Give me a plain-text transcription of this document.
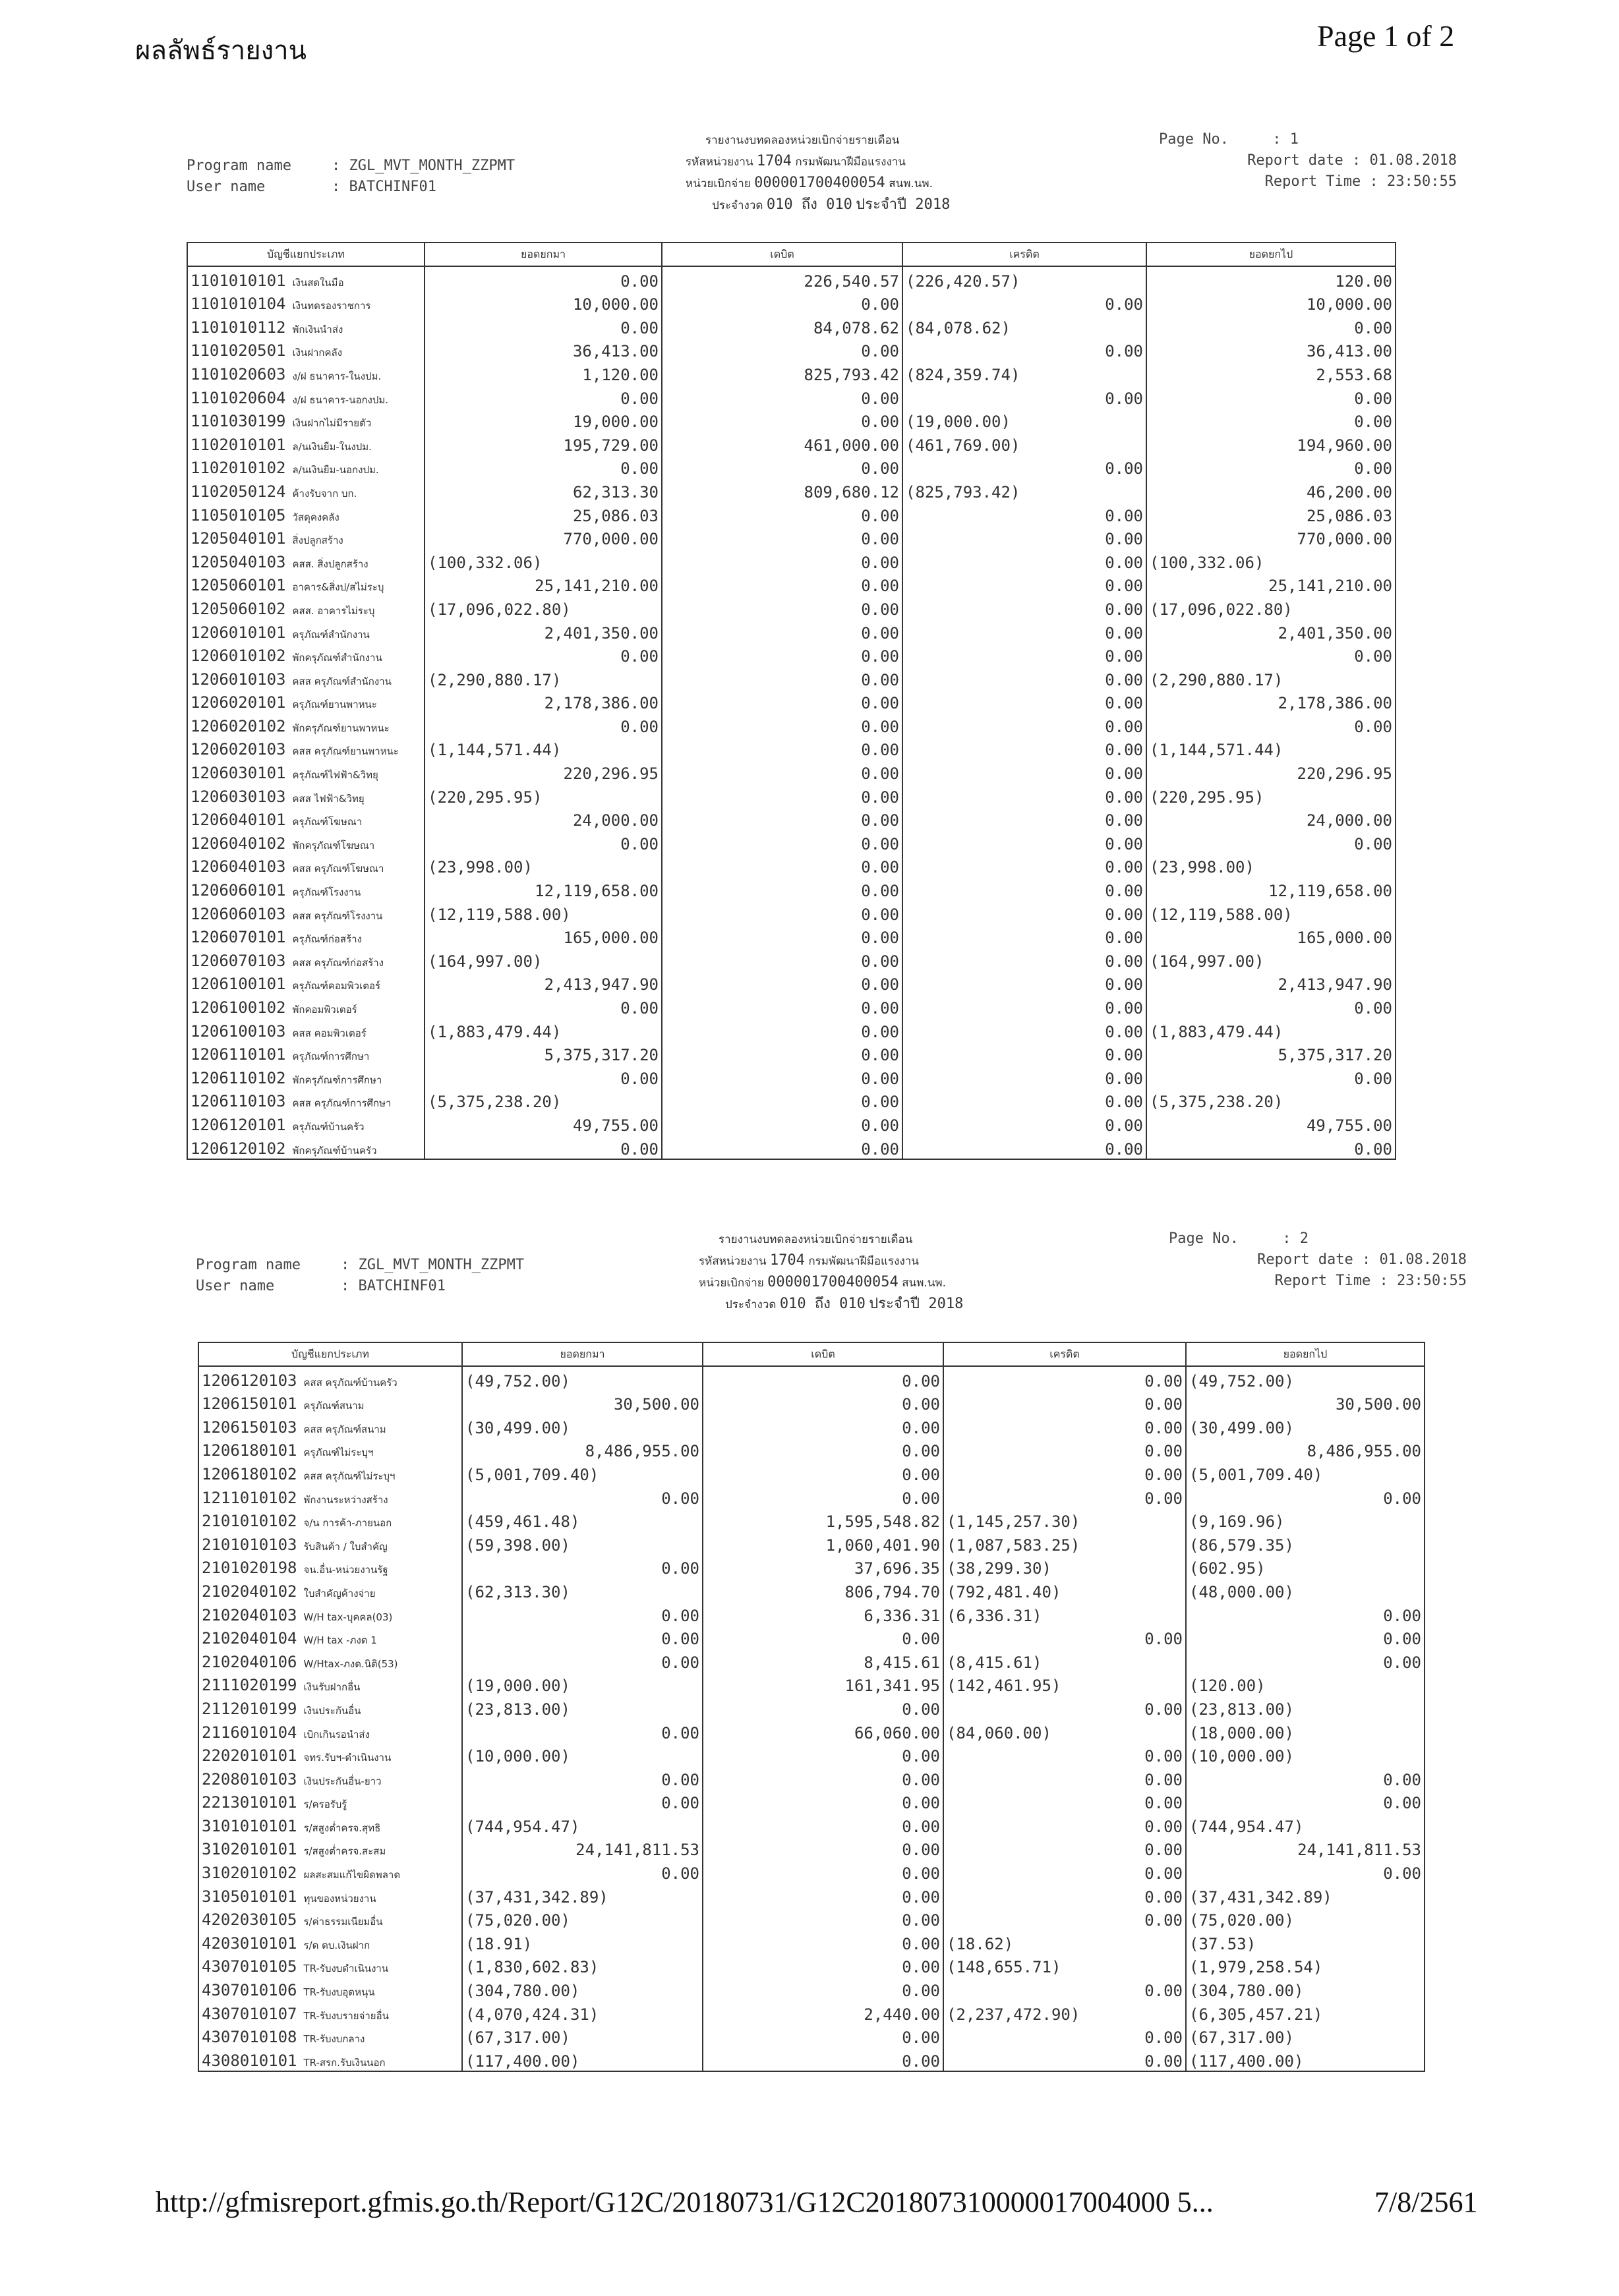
ผลลัพธ์รายงาน	Page 1 of 2
Program name	: ZGL_MVT_MONTH_ZZPMT
User name	: BATCHINF01
รายงานงบทดลองหน่วยเบิกจ่ายรายเดือน
รหัสหน่วยงาน 1704 กรมพัฒนาฝีมือแรงงาน
หน่วยเบิกจ่าย 000001700400054 สนพ.นพ.
ประจำงวด 010 ถึง 010 ประจำปี 2018
Page No.	: 1
Report date : 01.08.2018
Report Time : 23:50:55
บัญชีแยกประเภท	ยอดยกมา	เดบิต	เครดิต	ยอดยกไป
1101010101 เงินสดในมือ	0.00	226,540.57	(226,420.57)	120.00
1101010104 เงินทดรองราชการ	10,000.00	0.00	0.00	10,000.00
1101010112 พักเงินนำส่ง	0.00	84,078.62	(84,078.62)	0.00
1101020501 เงินฝากคลัง	36,413.00	0.00	0.00	36,413.00
1101020603 ง/ฝ ธนาคาร-ในงปม.	1,120.00	825,793.42	(824,359.74)	2,553.68
1101020604 ง/ฝ ธนาคาร-นอกงปม.	0.00	0.00	0.00	0.00
1101030199 เงินฝากไม่มีรายตัว	19,000.00	0.00	(19,000.00)	0.00
1102010101 ล/นเงินยืม-ในงปม.	195,729.00	461,000.00	(461,769.00)	194,960.00
1102010102 ล/นเงินยืม-นอกงปม.	0.00	0.00	0.00	0.00
1102050124 ค้างรับจาก บก.	62,313.30	809,680.12	(825,793.42)	46,200.00
1105010105 วัสดุคงคลัง	25,086.03	0.00	0.00	25,086.03
1205040101 สิ่งปลูกสร้าง	770,000.00	0.00	0.00	770,000.00
1205040103 คสส. สิ่งปลูกสร้าง	(100,332.06)	0.00	0.00	(100,332.06)
1205060101 อาคาร&สิ่งป/สไม่ระบุ	25,141,210.00	0.00	0.00	25,141,210.00
1205060102 คสส. อาคารไม่ระบุ	(17,096,022.80)	0.00	0.00	(17,096,022.80)
1206010101 ครุภัณฑ์สำนักงาน	2,401,350.00	0.00	0.00	2,401,350.00
1206010102 พักครุภัณฑ์สำนักงาน	0.00	0.00	0.00	0.00
1206010103 คสส ครุภัณฑ์สำนักงาน	(2,290,880.17)	0.00	0.00	(2,290,880.17)
1206020101 ครุภัณฑ์ยานพาหนะ	2,178,386.00	0.00	0.00	2,178,386.00
1206020102 พักครุภัณฑ์ยานพาหนะ	0.00	0.00	0.00	0.00
1206020103 คสส ครุภัณฑ์ยานพาหนะ	(1,144,571.44)	0.00	0.00	(1,144,571.44)
1206030101 ครุภัณฑ์ไฟฟ้า&วิทยุ	220,296.95	0.00	0.00	220,296.95
1206030103 คสส ไฟฟ้า&วิทยุ	(220,295.95)	0.00	0.00	(220,295.95)
1206040101 ครุภัณฑ์โฆษณา	24,000.00	0.00	0.00	24,000.00
1206040102 พักครุภัณฑ์โฆษณา	0.00	0.00	0.00	0.00
1206040103 คสส ครุภัณฑ์โฆษณา	(23,998.00)	0.00	0.00	(23,998.00)
1206060101 ครุภัณฑ์โรงงาน	12,119,658.00	0.00	0.00	12,119,658.00
1206060103 คสส ครุภัณฑ์โรงงาน	(12,119,588.00)	0.00	0.00	(12,119,588.00)
1206070101 ครุภัณฑ์ก่อสร้าง	165,000.00	0.00	0.00	165,000.00
1206070103 คสส ครุภัณฑ์ก่อสร้าง	(164,997.00)	0.00	0.00	(164,997.00)
1206100101 ครุภัณฑ์คอมพิวเตอร์	2,413,947.90	0.00	0.00	2,413,947.90
1206100102 พักคอมพิวเตอร์	0.00	0.00	0.00	0.00
1206100103 คสส คอมพิวเตอร์	(1,883,479.44)	0.00	0.00	(1,883,479.44)
1206110101 ครุภัณฑ์การศึกษา	5,375,317.20	0.00	0.00	5,375,317.20
1206110102 พักครุภัณฑ์การศึกษา	0.00	0.00	0.00	0.00
1206110103 คสส ครุภัณฑ์การศึกษา	(5,375,238.20)	0.00	0.00	(5,375,238.20)
1206120101 ครุภัณฑ์บ้านครัว	49,755.00	0.00	0.00	49,755.00
1206120102 พักครุภัณฑ์บ้านครัว	0.00	0.00	0.00	0.00
Program name	: ZGL_MVT_MONTH_ZZPMT
User name	: BATCHINF01
รายงานงบทดลองหน่วยเบิกจ่ายรายเดือน
รหัสหน่วยงาน 1704 กรมพัฒนาฝีมือแรงงาน
หน่วยเบิกจ่าย 000001700400054 สนพ.นพ.
ประจำงวด 010 ถึง 010 ประจำปี 2018
Page No.	: 2
Report date : 01.08.2018
Report Time : 23:50:55
บัญชีแยกประเภท	ยอดยกมา	เดบิต	เครดิต	ยอดยกไป
1206120103 คสส ครุภัณฑ์บ้านครัว	(49,752.00)	0.00	0.00	(49,752.00)
1206150101 ครุภัณฑ์สนาม	30,500.00	0.00	0.00	30,500.00
1206150103 คสส ครุภัณฑ์สนาม	(30,499.00)	0.00	0.00	(30,499.00)
1206180101 ครุภัณฑ์ไม่ระบุฯ	8,486,955.00	0.00	0.00	8,486,955.00
1206180102 คสส ครุภัณฑ์ไม่ระบุฯ	(5,001,709.40)	0.00	0.00	(5,001,709.40)
1211010102 พักงานระหว่างสร้าง	0.00	0.00	0.00	0.00
2101010102 จ/น การค้า-ภายนอก	(459,461.48)	1,595,548.82	(1,145,257.30)	(9,169.96)
2101010103 รับสินค้า / ใบสำคัญ	(59,398.00)	1,060,401.90	(1,087,583.25)	(86,579.35)
2101020198 จน.อื่น-หน่วยงานรัฐ	0.00	37,696.35	(38,299.30)	(602.95)
2102040102 ใบสำคัญค้างจ่าย	(62,313.30)	806,794.70	(792,481.40)	(48,000.00)
2102040103 W/H tax-บุคคล(03)	0.00	6,336.31	(6,336.31)	0.00
2102040104 W/H tax -ภงด 1	0.00	0.00	0.00	0.00
2102040106 W/Htax-ภงด.นิติ(53)	0.00	8,415.61	(8,415.61)	0.00
2111020199 เงินรับฝากอื่น	(19,000.00)	161,341.95	(142,461.95)	(120.00)
2112010199 เงินประกันอื่น	(23,813.00)	0.00	0.00	(23,813.00)
2116010104 เบิกเกินรอนำส่ง	0.00	66,060.00	(84,060.00)	(18,000.00)
2202010101 จทร.รับฯ-ดำเนินงาน	(10,000.00)	0.00	0.00	(10,000.00)
2208010103 เงินประกันอื่น-ยาว	0.00	0.00	0.00	0.00
2213010101 ร/ครอรับรู้	0.00	0.00	0.00	0.00
3101010101 ร/สสูงต่ำครจ.สุทธิ	(744,954.47)	0.00	0.00	(744,954.47)
3102010101 ร/สสูงต่ำครจ.สะสม	24,141,811.53	0.00	0.00	24,141,811.53
3102010102 ผลสะสมแก้ไขผิดพลาด	0.00	0.00	0.00	0.00
3105010101 ทุนของหน่วยงาน	(37,431,342.89)	0.00	0.00	(37,431,342.89)
4202030105 ร/ค่าธรรมเนียมอื่น	(75,020.00)	0.00	0.00	(75,020.00)
4203010101 ร/ด ดบ.เงินฝาก	(18.91)	0.00	(18.62)	(37.53)
4307010105 TR-รับงบดำเนินงาน	(1,830,602.83)	0.00	(148,655.71)	(1,979,258.54)
4307010106 TR-รับงบอุดหนุน	(304,780.00)	0.00	0.00	(304,780.00)
4307010107 TR-รับงบรายจ่ายอื่น	(4,070,424.31)	2,440.00	(2,237,472.90)	(6,305,457.21)
4307010108 TR-รับงบกลาง	(67,317.00)	0.00	0.00	(67,317.00)
4308010101 TR-สรก.รับเงินนอก	(117,400.00)	0.00	0.00	(117,400.00)
http://gfmisreport.gfmis.go.th/Report/G12C/20180731/G12C201807310000017004000 5...	7/8/2561
